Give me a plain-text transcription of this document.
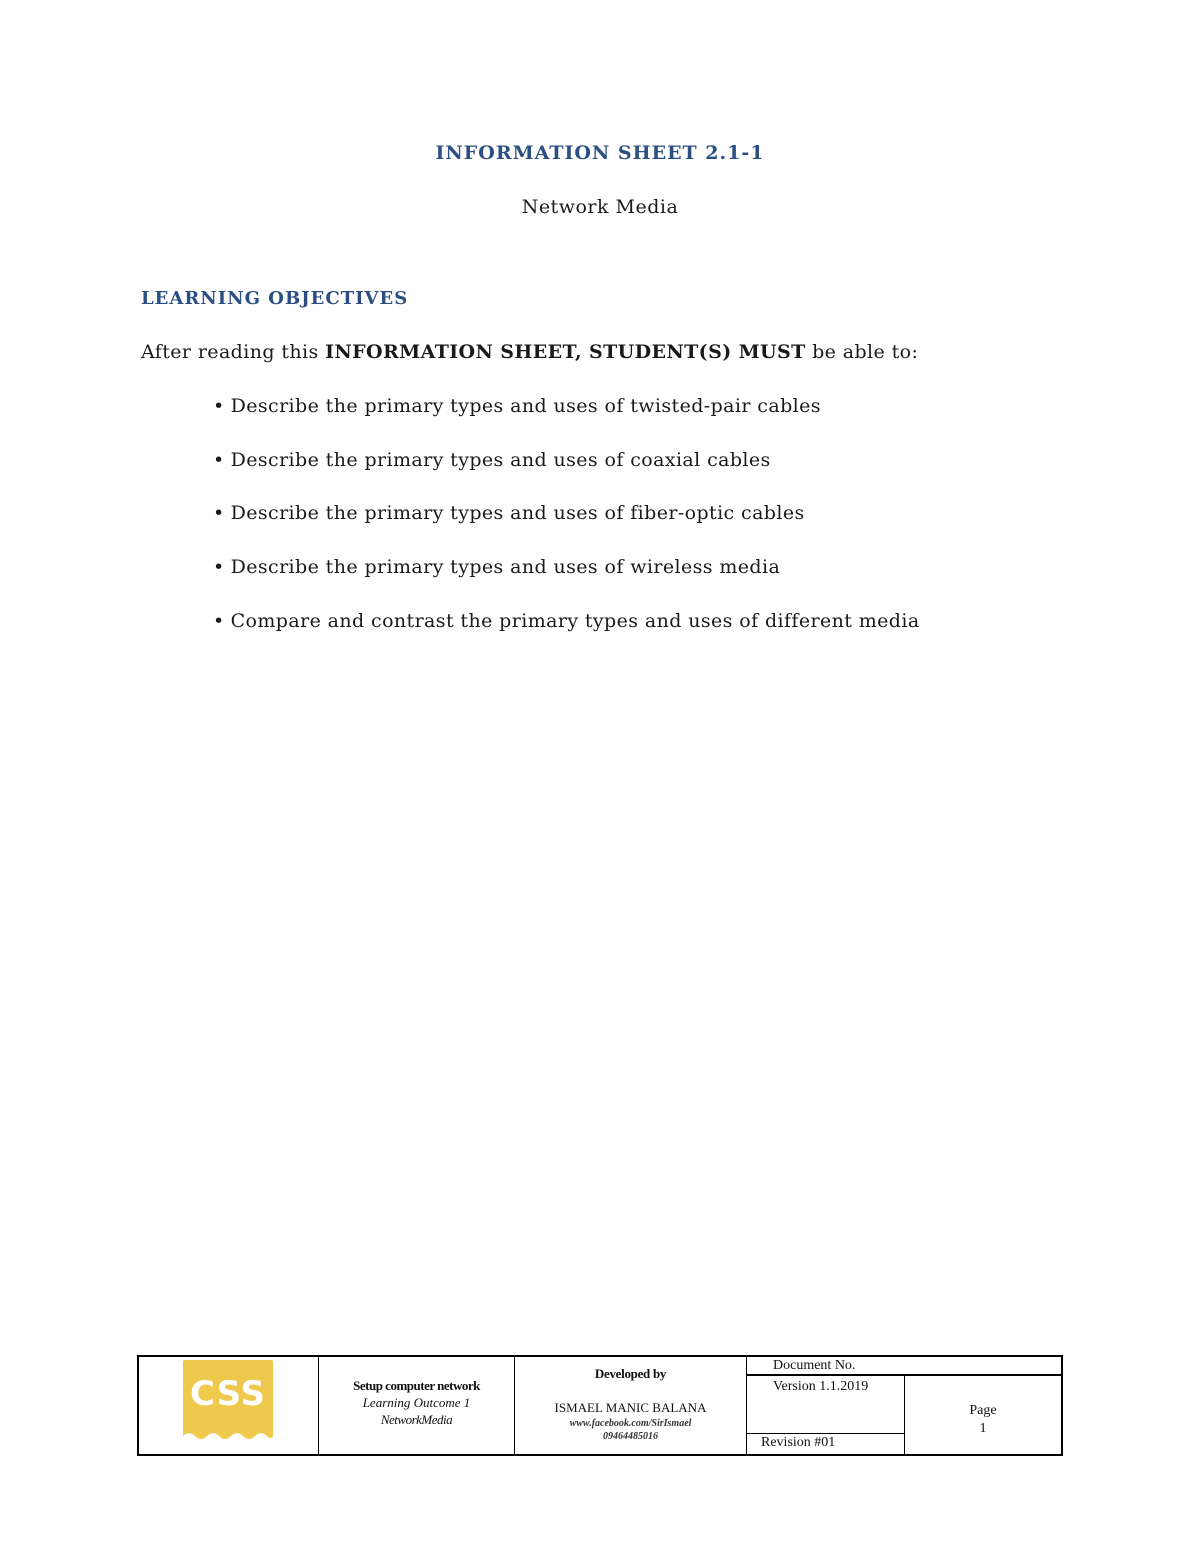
INFORMATION SHEET 2.1-1
Network Media
LEARNING OBJECTIVES
After reading this INFORMATION SHEET, STUDENT(S) MUST be able to:
• Describe the primary types and uses of twisted-pair cables
• Describe the primary types and uses of coaxial cables
• Describe the primary types and uses of fiber-optic cables
• Describe the primary types and uses of wireless media
• Compare and contrast the primary types and uses of different media
CSS	Setup computer network
Learning Outcome 1
NetworkMedia
Developed by
ISMAEL MANIC BALANA
www.facebook.com/SirIsmael
09464485016
Document No.
Version 1.1.2019
Revision #01
Page
1
